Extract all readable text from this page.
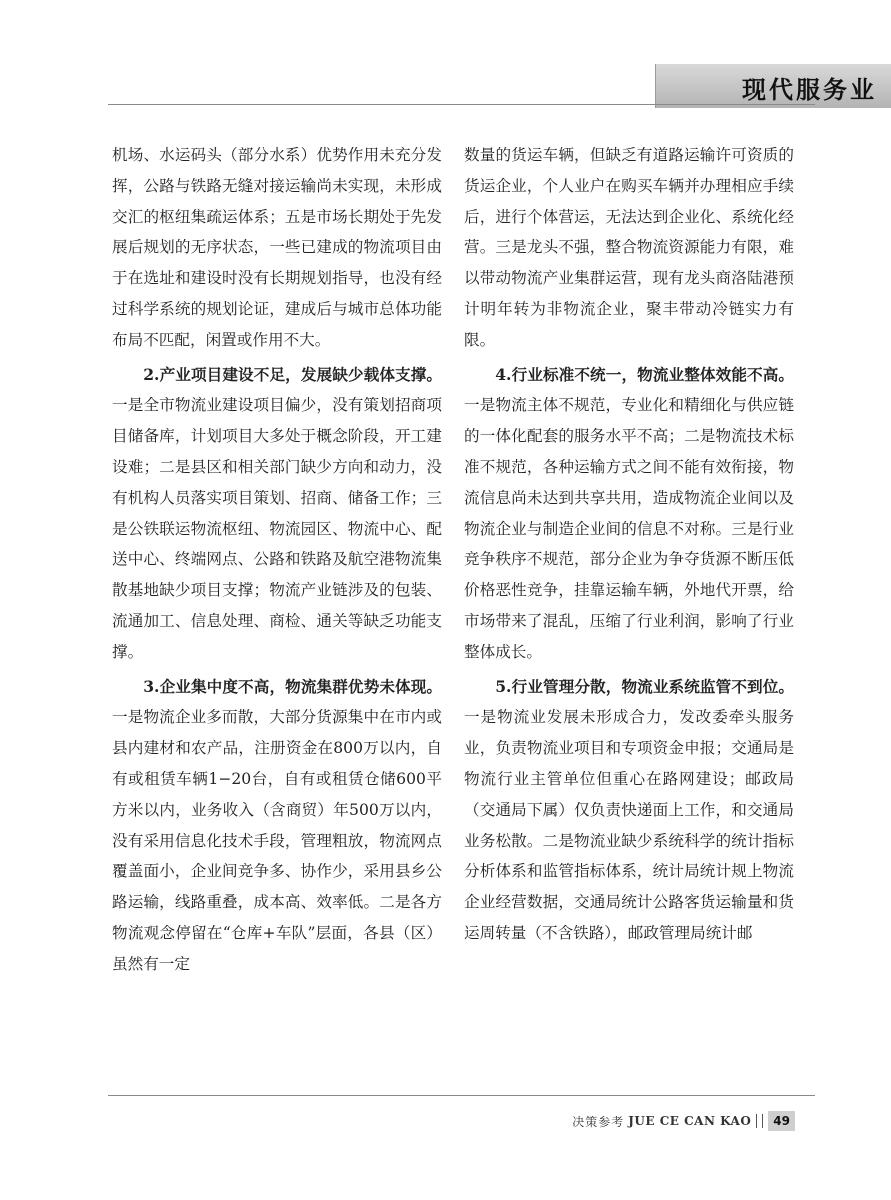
现代服务业

机场、水运码头（部分水系）优势作用未充分发挥，公路与铁路无缝对接运输尚未实现，未形成交汇的枢纽集疏运体系；五是市场长期处于先发展后规划的无序状态，一些已建成的物流项目由于在选址和建设时没有长期规划指导，也没有经过科学系统的规划论证，建成后与城市总体功能布局不匹配，闲置或作用不大。

2.产业项目建设不足，发展缺少载体支撑。一是全市物流业建设项目偏少，没有策划招商项目储备库，计划项目大多处于概念阶段，开工建设难；二是县区和相关部门缺少方向和动力，没有机构人员落实项目策划、招商、储备工作；三是公铁联运物流枢纽、物流园区、物流中心、配送中心、终端网点、公路和铁路及航空港物流集散基地缺少项目支撑；物流产业链涉及的包装、流通加工、信息处理、商检、通关等缺乏功能支撑。

3.企业集中度不高，物流集群优势未体现。一是物流企业多而散，大部分货源集中在市内或县内建材和农产品，注册资金在800万以内，自有或租赁车辆1−20台，自有或租赁仓储600平方米以内，业务收入（含商贸）年500万以内，没有采用信息化技术手段，管理粗放，物流网点覆盖面小，企业间竞争多、协作少，采用县乡公路运输，线路重叠，成本高、效率低。二是各方物流观念停留在“仓库+车队”层面，各县（区）虽然有一定

数量的货运车辆，但缺乏有道路运输许可资质的货运企业，个人业户在购买车辆并办理相应手续后，进行个体营运，无法达到企业化、系统化经营。三是龙头不强，整合物流资源能力有限，难以带动物流产业集群运营，现有龙头商洛陆港预计明年转为非物流企业，聚丰带动冷链实力有限。

4.行业标准不统一，物流业整体效能不高。一是物流主体不规范，专业化和精细化与供应链的一体化配套的服务水平不高；二是物流技术标准不规范，各种运输方式之间不能有效衔接，物流信息尚未达到共享共用，造成物流企业间以及物流企业与制造企业间的信息不对称。三是行业竞争秩序不规范，部分企业为争夺货源不断压低价格恶性竞争，挂靠运输车辆，外地代开票，给市场带来了混乱，压缩了行业利润，影响了行业整体成长。

5.行业管理分散，物流业系统监管不到位。一是物流业发展未形成合力，发改委牵头服务业，负责物流业项目和专项资金申报；交通局是物流行业主管单位但重心在路网建设；邮政局（交通局下属）仅负责快递面上工作，和交通局业务松散。二是物流业缺少系统科学的统计指标分析体系和监管指标体系，统计局统计规上物流企业经营数据，交通局统计公路客货运输量和货运周转量（不含铁路），邮政管理局统计邮

决策参考 JUE CE CAN KAO	49
